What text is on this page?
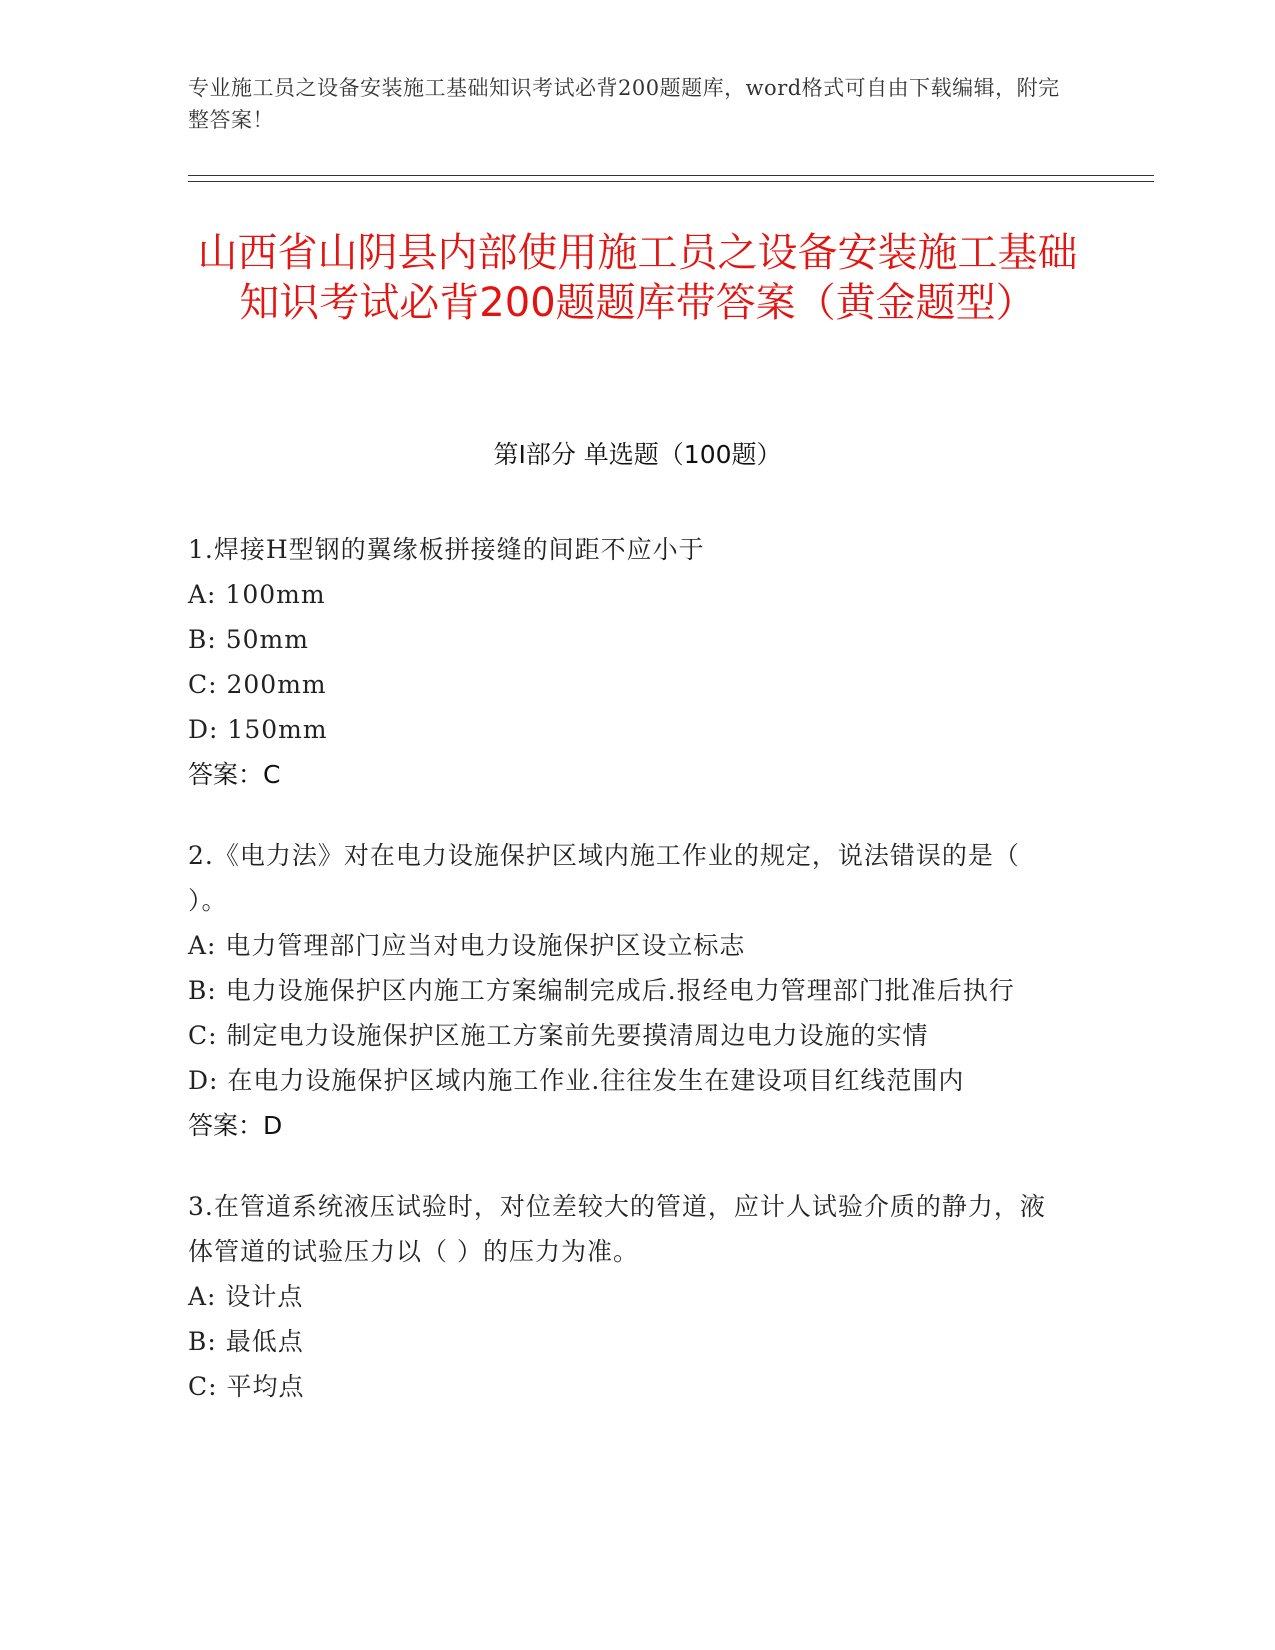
专业施工员之设备安装施工基础知识考试必背200题题库，word格式可自由下载编辑，附完整答案！
山西省山阴县内部使用施工员之设备安装施工基础知识考试必背200题题库带答案（黄金题型）
第I部分 单选题（100题）
1.焊接H型钢的翼缘板拼接缝的间距不应小于
A: 100mm
B: 50mm
C: 200mm
D: 150mm
答案：C
2.《电力法》对在电力设施保护区域内施工作业的规定，说法错误的是（ ）。
A: 电力管理部门应当对电力设施保护区设立标志
B: 电力设施保护区内施工方案编制完成后.报经电力管理部门批准后执行
C: 制定电力设施保护区施工方案前先要摸清周边电力设施的实情
D: 在电力设施保护区域内施工作业.往往发生在建设项目红线范围内
答案：D
3.在管道系统液压试验时，对位差较大的管道，应计人试验介质的静力，液体管道的试验压力以（ ）的压力为准。
A: 设计点
B: 最低点
C: 平均点
